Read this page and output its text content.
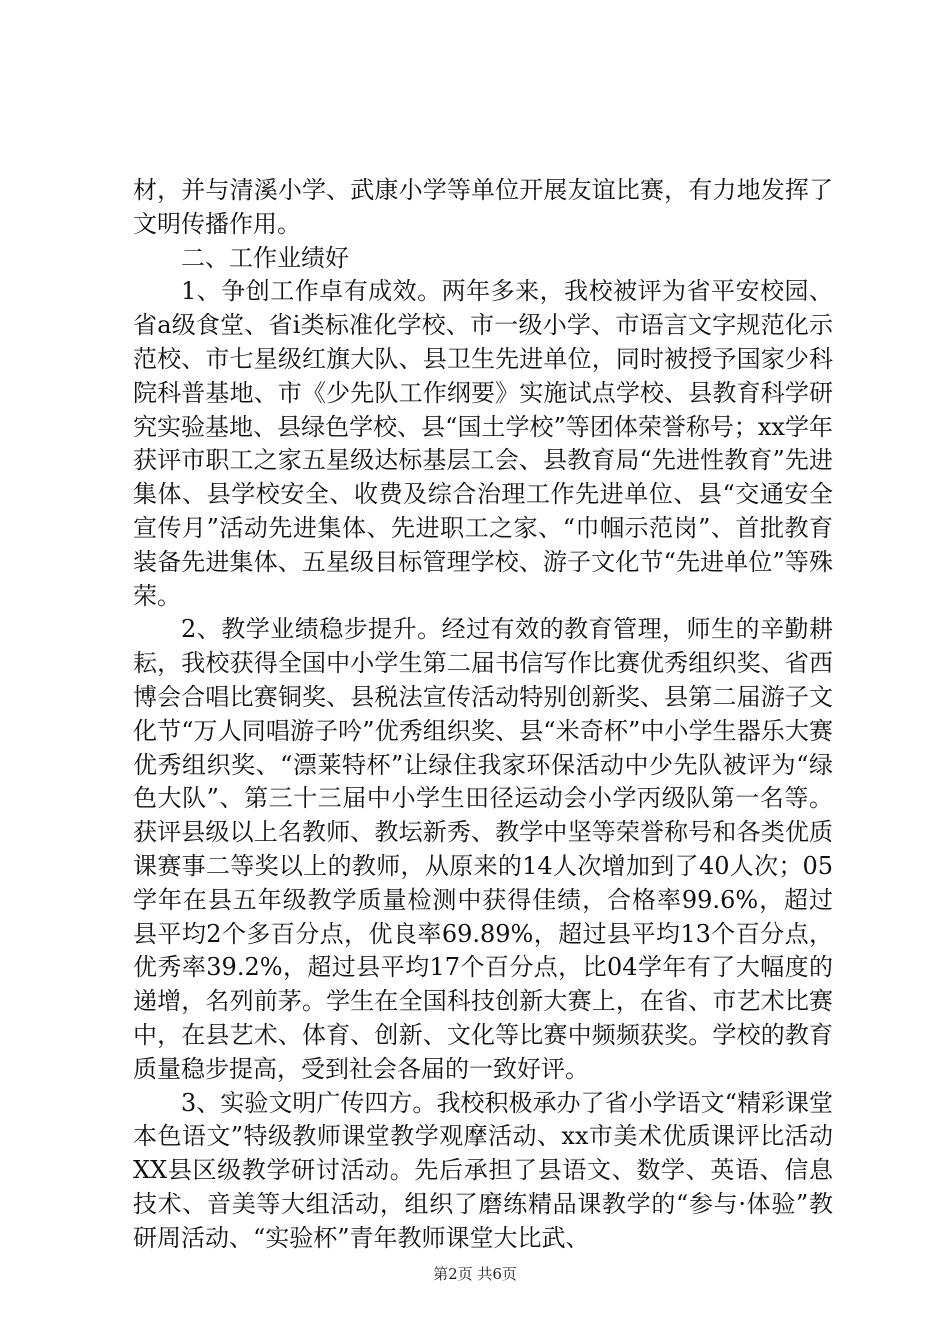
材，并与清溪小学、武康小学等单位开展友谊比赛，有力地发挥了文明传播作用。

二、工作业绩好

1、争创工作卓有成效。两年多来，我校被评为省平安校园、省a级食堂、省i类标准化学校、市一级小学、市语言文字规范化示范校、市七星级红旗大队、县卫生先进单位，同时被授予国家少科院科普基地、市《少先队工作纲要》实施试点学校、县教育科学研究实验基地、县绿色学校、县“国土学校”等团体荣誉称号；xx学年获评市职工之家五星级达标基层工会、县教育局“先进性教育”先进集体、县学校安全、收费及综合治理工作先进单位、县“交通安全宣传月”活动先进集体、先进职工之家、“巾帼示范岗”、首批教育装备先进集体、五星级目标管理学校、游子文化节“先进单位”等殊荣。

2、教学业绩稳步提升。经过有效的教育管理，师生的辛勤耕耘，我校获得全国中小学生第二届书信写作比赛优秀组织奖、省西博会合唱比赛铜奖、县税法宣传活动特别创新奖、县第二届游子文化节“万人同唱游子吟”优秀组织奖、县“米奇杯”中小学生器乐大赛优秀组织奖、“漂莱特杯”让绿住我家环保活动中少先队被评为“绿色大队”、第三十三届中小学生田径运动会小学丙级队第一名等。获评县级以上名教师、教坛新秀、教学中坚等荣誉称号和各类优质课赛事二等奖以上的教师，从原来的14人次增加到了40人次；05学年在县五年级教学质量检测中获得佳绩，合格率99.6%，超过县平均2个多百分点，优良率69.89%，超过县平均13个百分点，优秀率39.2%，超过县平均17个百分点，比04学年有了大幅度的递增，名列前茅。学生在全国科技创新大赛上，在省、市艺术比赛中，在县艺术、体育、创新、文化等比赛中频频获奖。学校的教育质量稳步提高，受到社会各届的一致好评。

3、实验文明广传四方。我校积极承办了省小学语文“精彩课堂本色语文”特级教师课堂教学观摩活动、xx市美术优质课评比活动XX县区级教学研讨活动。先后承担了县语文、数学、英语、信息技术、音美等大组活动，组织了磨练精品课教学的“参与·体验”教研周活动、“实验杯”青年教师课堂大比武、

第2页 共6页
